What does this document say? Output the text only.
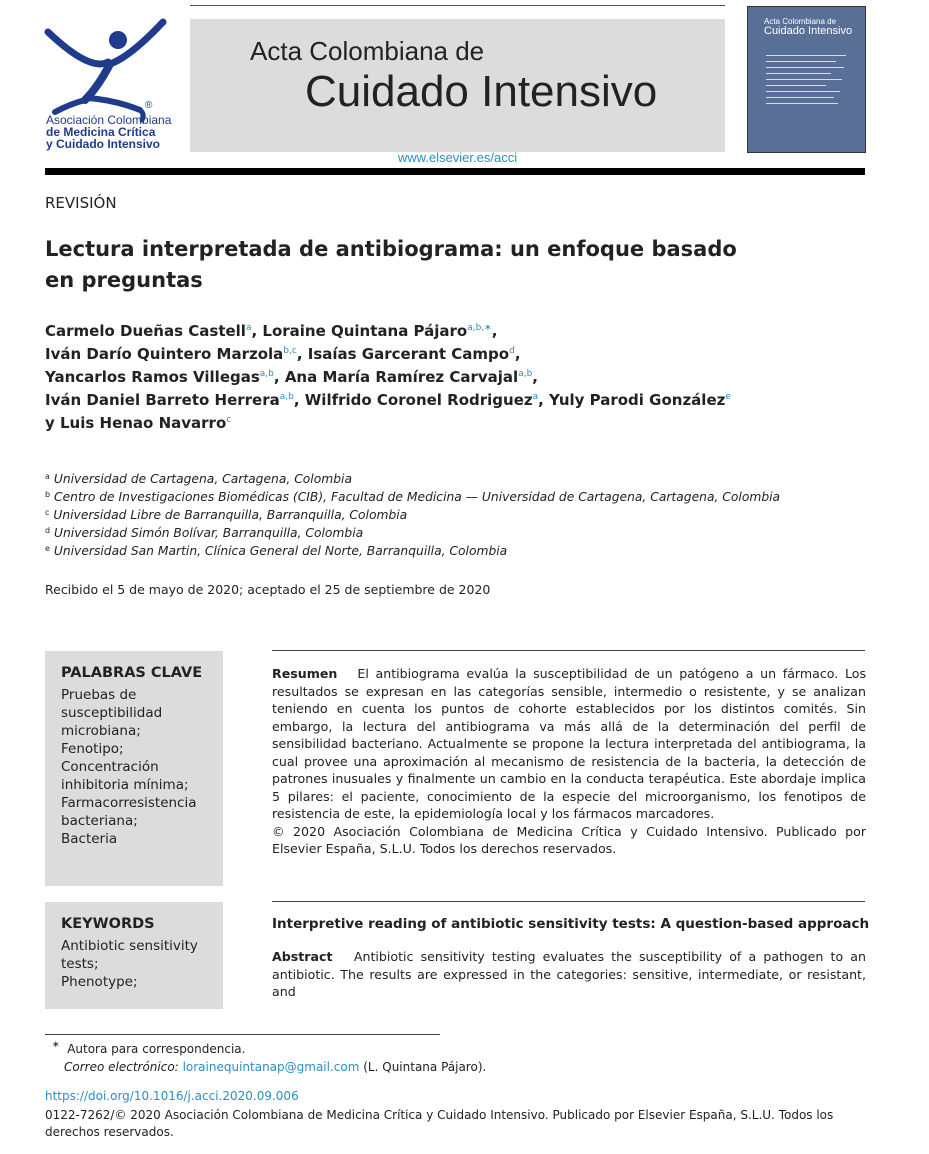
®
Asociación Colombiana
de Medicina Crítica
y Cuidado Intensivo
www.elsevier.es/acci
Acta Colombiana de
Cuidado Intensivo
Acta Colombiana de
Cuidado Intensivo
REVISIÓN
Lectura interpretada de antibiograma: un enfoque basado en preguntas
Carmelo Dueñas Castell$^a$, Loraine Quintana Pájaro$^{a,b,∗}$,
Iván Darío Quintero Marzola$^{b,c}$, Isaías Garcerant Campo$^d$,
Yancarlos Ramos Villegas$^{a,b}$, Ana María Ramírez Carvajal$^{a,b}$,
Iván Daniel Barreto Herrera$^{a,b}$, Wilfrido Coronel Rodriguez$^a$, Yuly Parodi González$^e$
y Luis Henao Navarro$^c$
$^a$ Universidad de Cartagena, Cartagena, Colombia
$^b$ Centro de Investigaciones Biomédicas (CIB), Facultad de Medicina — Universidad de Cartagena, Cartagena, Colombia
$^c$ Universidad Libre de Barranquilla, Barranquilla, Colombia
$^d$ Universidad Simón Bolívar, Barranquilla, Colombia
$^e$ Universidad San Martin, Clínica General del Norte, Barranquilla, Colombia
Recibido el 5 de mayo de 2020; aceptado el 25 de septiembre de 2020
PALABRAS CLAVE
Pruebas de
susceptibilidad
microbiana;
Fenotipo;
Concentración
inhibitoria mínima;
Farmacorresistencia
bacteriana;
Bacteria
KEYWORDS
Antibiotic sensitivity
tests;
Phenotype;
Resumen El antibiograma evalúa la susceptibilidad de un patógeno a un fármaco. Los resultados se expresan en las categorías sensible, intermedio o resistente, y se analizan teniendo en cuenta los puntos de cohorte establecidos por los distintos comités. Sin embargo, la lectura del antibiograma va más allá de la determinación del perfil de sensibilidad bacteriano. Actualmente se propone la lectura interpretada del antibiograma, la cual provee una aproximación al mecanismo de resistencia de la bacteria, la detección de patrones inusuales y finalmente un cambio en la conducta terapéutica. Este abordaje implica 5 pilares: el paciente, conocimiento de la especie del microorganismo, los fenotipos de resistencia de este, la epidemiología local y los fármacos marcadores.
© 2020 Asociación Colombiana de Medicina Crítica y Cuidado Intensivo. Publicado por Elsevier España, S.L.U. Todos los derechos reservados.
Interpretive reading of antibiotic sensitivity tests: A question-based approach
Abstract Antibiotic sensitivity testing evaluates the susceptibility of a pathogen to an antibiotic. The results are expressed in the categories: sensitive, intermediate, or resistant, and
∗ Autora para correspondencia.
Correo electrónico: lorainequintanap@gmail.com (L. Quintana Pájaro).
https://doi.org/10.1016/j.acci.2020.09.006
0122-7262/© 2020 Asociación Colombiana de Medicina Crítica y Cuidado Intensivo. Publicado por Elsevier España, S.L.U. Todos los derechos reservados.
